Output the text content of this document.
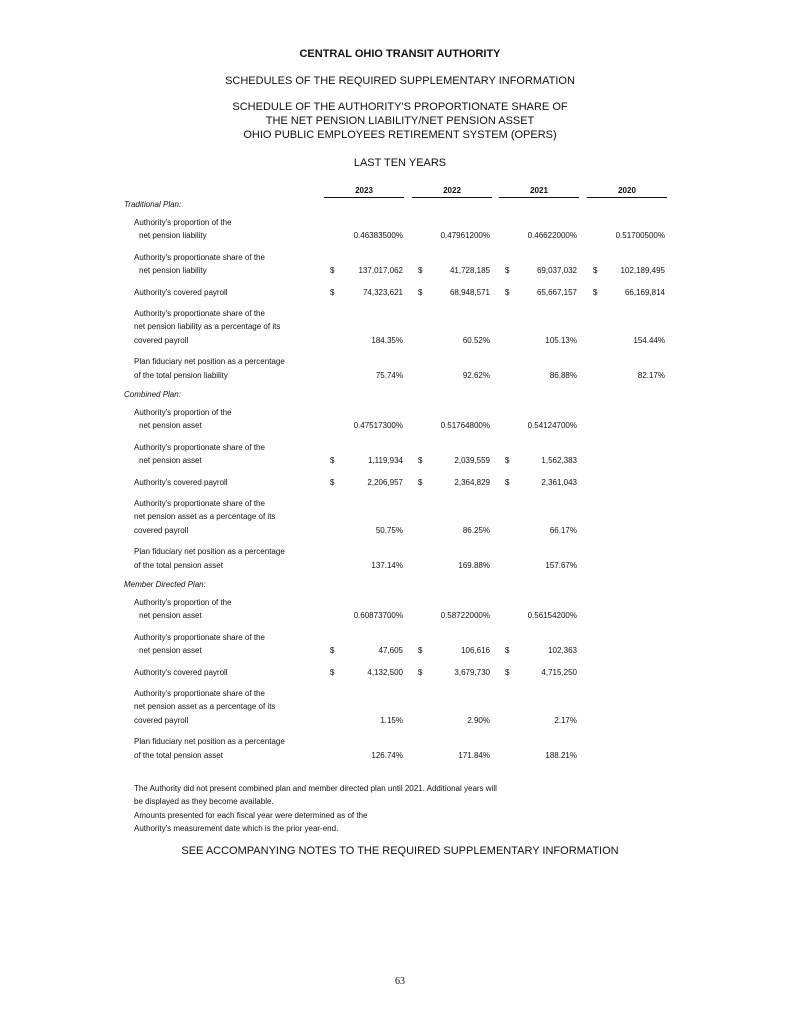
CENTRAL OHIO TRANSIT AUTHORITY
SCHEDULES OF THE REQUIRED SUPPLEMENTARY INFORMATION
SCHEDULE OF THE AUTHORITY'S PROPORTIONATE SHARE OF
THE NET PENSION LIABILITY/NET PENSION ASSET
OHIO PUBLIC EMPLOYEES RETIREMENT SYSTEM (OPERS)
LAST TEN YEARS
2023	2022	2021	2020
Traditional Plan:
Authority's proportion of the
net pension liability	0.46383500%	0.47961200%	0.46622000%	0.51700500%
Authority's proportionate share of the
net pension liability	$	137,017,062 $	41,728,185 $	69,037,032 $	102,189,495
Authority's covered payroll	$	74,323,621 $	68,948,571 $	65,667,157 $	66,169,814
Authority's proportionate share of the
net pension liability as a percentage of its
covered payroll	184.35%	60.52%	105.13%	154.44%
Plan fiduciary net position as a percentage
of the total pension liability	75.74%	92.62%	86.88%	82.17%
Combined Plan:
Authority's proportion of the
net pension asset	0.47517300%	0.51764800%	0.54124700%
Authority's proportionate share of the
net pension asset	$	1,119,934 $	2,039,559 $	1,562,383
Authority's covered payroll	$	2,206,957 $	2,364,829 $	2,361,043
Authority's proportionate share of the
net pension asset as a percentage of its
covered payroll	50.75%	86.25%	66.17%
Plan fiduciary net position as a percentage
of the total pension asset	137.14%	169.88%	157.67%
Member Directed Plan:
Authority's proportion of the
net pension asset	0.60873700%	0.58722000%	0.56154200%
Authority's proportionate share of the
net pension asset	$	47,605 $	106,616 $	102,363
Authority's covered payroll	$	4,132,500 $	3,679,730 $	4,715,250
Authority's proportionate share of the
net pension asset as a percentage of its
covered payroll	1.15%	2.90%	2.17%
Plan fiduciary net position as a percentage
of the total pension asset	126.74%	171.84%	188.21%
The Authority did not present combined plan and member directed plan until 2021. Additional years will
be displayed as they become available.
Amounts presented for each fiscal year were determined as of the
Authority's measurement date which is the prior year-end.
SEE ACCOMPANYING NOTES TO THE REQUIRED SUPPLEMENTARY INFORMATION
63
